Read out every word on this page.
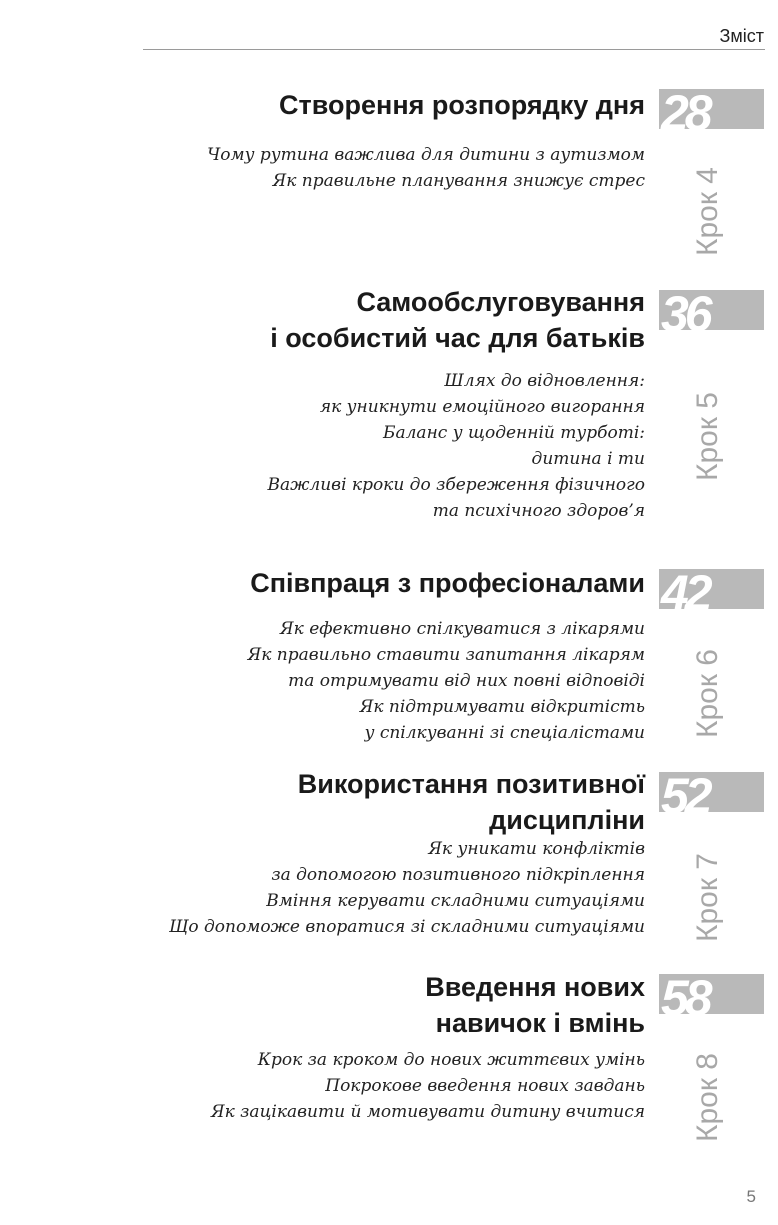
Зміст
28
Створення розпорядку дня
Чому рутина важлива для дитини з аутизмом
Як правильне планування знижує стрес Крок 4
36
Самообслуговування
і особистий час для батьків
Шлях до відновлення:
як уникнути емоційного вигорання
Баланс у щоденній турботі:
дитина і ти
Важливі кроки до збереження фізичного
та психічного здоров’я
Крок 5
42
Співпраця з професіоналами
Як ефективно спілкуватися з лікарями
Як правильно ставити запитання лікарям
та отримувати від них повні відповіді
Як підтримувати відкритість
у спілкуванні зі спеціалістами Крок 6
52
Використання позитивної
дисципліни
Як уникати конфліктів
за допомогою позитивного підкріплення
Вміння керувати складними ситуаціями
Що допоможе впоратися зі складними ситуаціями Крок 7
58
Введення нових
навичок і вмінь
Крок за кроком до нових життєвих умінь
Покрокове введення нових завдань
Як зацікавити й мотивувати дитину вчитися Крок 8
5
